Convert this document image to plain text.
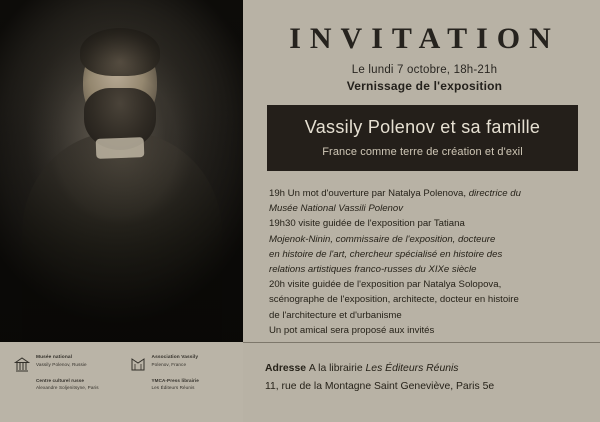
Musée national
Vassily Polenov, Russie
Centre culturel russe
Alexandre Soljenitsyne, Paris
Association Vassily
Polenov, France
YMCA-Press librairie
Les Éditeurs Réunis
INVITATION
Le lundi 7 octobre, 18h-21h
Vernissage de l'exposition
Vassily Polenov et sa famille
France comme terre de création et d'exil

19h Un mot d'ouverture par Natalya Polenova, directrice du

Musée National Vassili Polenov

19h30 visite guidée de l'exposition par Tatiana

Mojenok-Ninin, commissaire de l'exposition, docteure

en histoire de l'art, chercheur spécialisé en histoire des

relations artistiques franco-russes du XIXe siècle

20h visite guidée de l'exposition par Natalya Solopova,

scénographe de l'exposition, architecte, docteur en histoire

de l'architecture et d'urbanisme

Un pot amical sera proposé aux invités

Adresse A la librairie Les Éditeurs Réunis

11, rue de la Montagne Saint Geneviève, Paris 5e
